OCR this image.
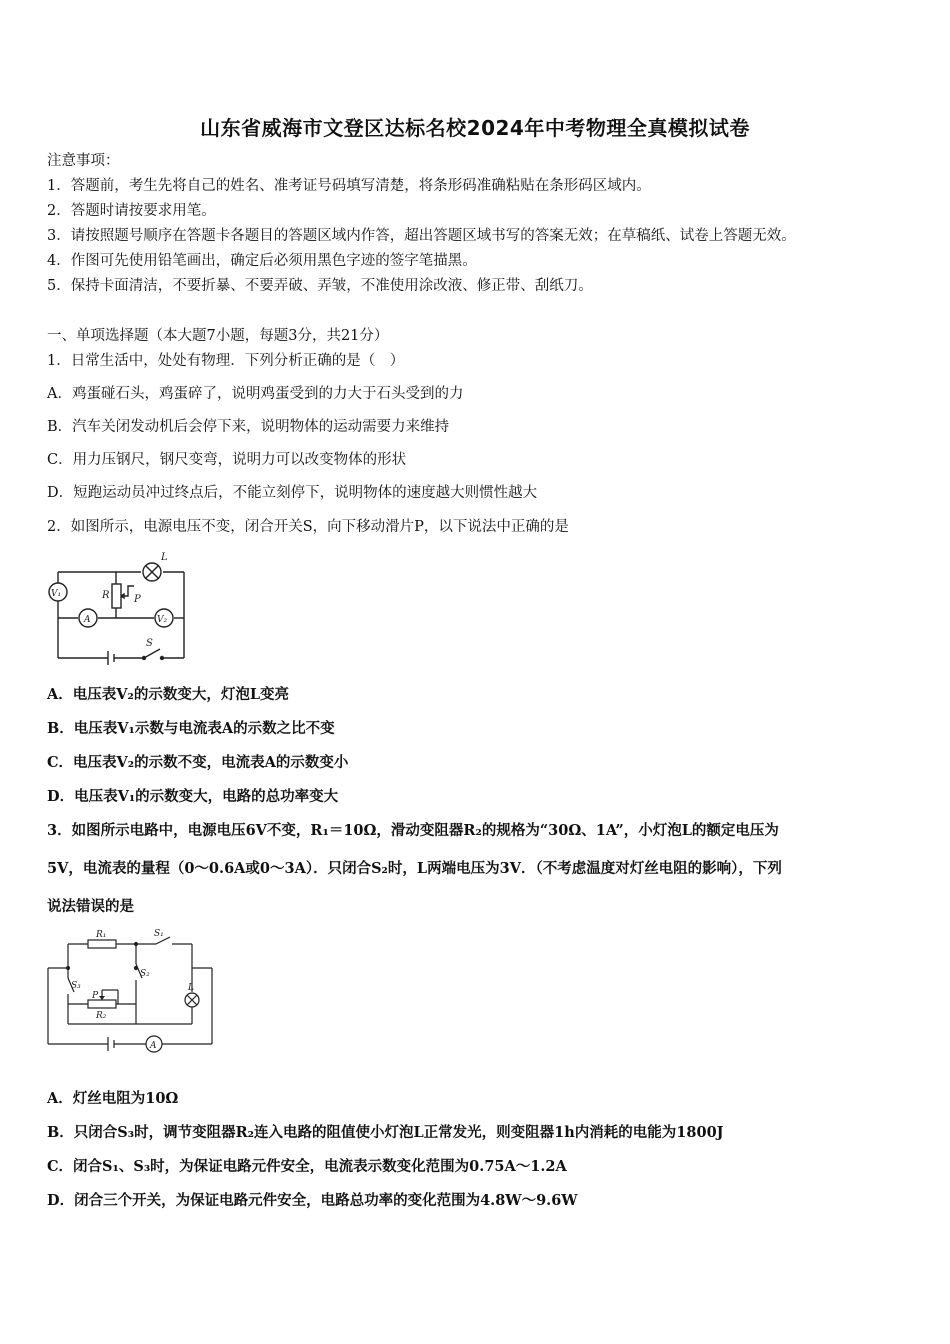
山东省威海市文登区达标名校2024年中考物理全真模拟试卷
注意事项：
1．答题前，考生先将自己的姓名、准考证号码填写清楚，将条形码准确粘贴在条形码区域内。
2．答题时请按要求用笔。
3．请按照题号顺序在答题卡各题目的答题区域内作答，超出答题区域书写的答案无效；在草稿纸、试卷上答题无效。
4．作图可先使用铅笔画出，确定后必须用黑色字迹的签字笔描黑。
5．保持卡面清洁，不要折暴、不要弄破、弄皱，不准使用涂改液、修正带、刮纸刀。
一、单项选择题（本大题7小题，每题3分，共21分）
1．日常生活中，处处有物理．下列分析正确的是（　）
A．鸡蛋碰石头，鸡蛋碎了，说明鸡蛋受到的力大于石头受到的力
B．汽车关闭发动机后会停下来，说明物体的运动需要力来维持
C．用力压钢尺，钢尺变弯，说明力可以改变物体的形状
D．短跑运动员冲过终点后，不能立刻停下，说明物体的速度越大则惯性越大
2．如图所示，电源电压不变，闭合开关S，向下移动滑片P，以下说法中正确的是
L
R P
S
V₁
V₂
A
A．电压表V₂的示数变大，灯泡L变亮
B．电压表V₁示数与电流表A的示数之比不变
C．电压表V₂的示数不变，电流表A的示数变小
D．电压表V₁的示数变大，电路的总功率变大
3．如图所示电路中，电源电压6V不变，R₁＝10Ω，滑动变阻器R₂的规格为“30Ω、1A”，小灯泡L的额定电压为
5V，电流表的量程（0～0.6A或0～3A）．只闭合S₂时，L两端电压为3V．（不考虑温度对灯丝电阻的影响），下列
说法错误的是
R₁	S₁
S₂
S₃
P
R₂
L
A
A．灯丝电阻为10Ω
B．只闭合S₃时，调节变阻器R₂连入电路的阻值使小灯泡L正常发光，则变阻器1h内消耗的电能为1800J
C．闭合S₁、S₃时，为保证电路元件安全，电流表示数变化范围为0.75A～1.2A
D．闭合三个开关，为保证电路元件安全，电路总功率的变化范围为4.8W～9.6W
